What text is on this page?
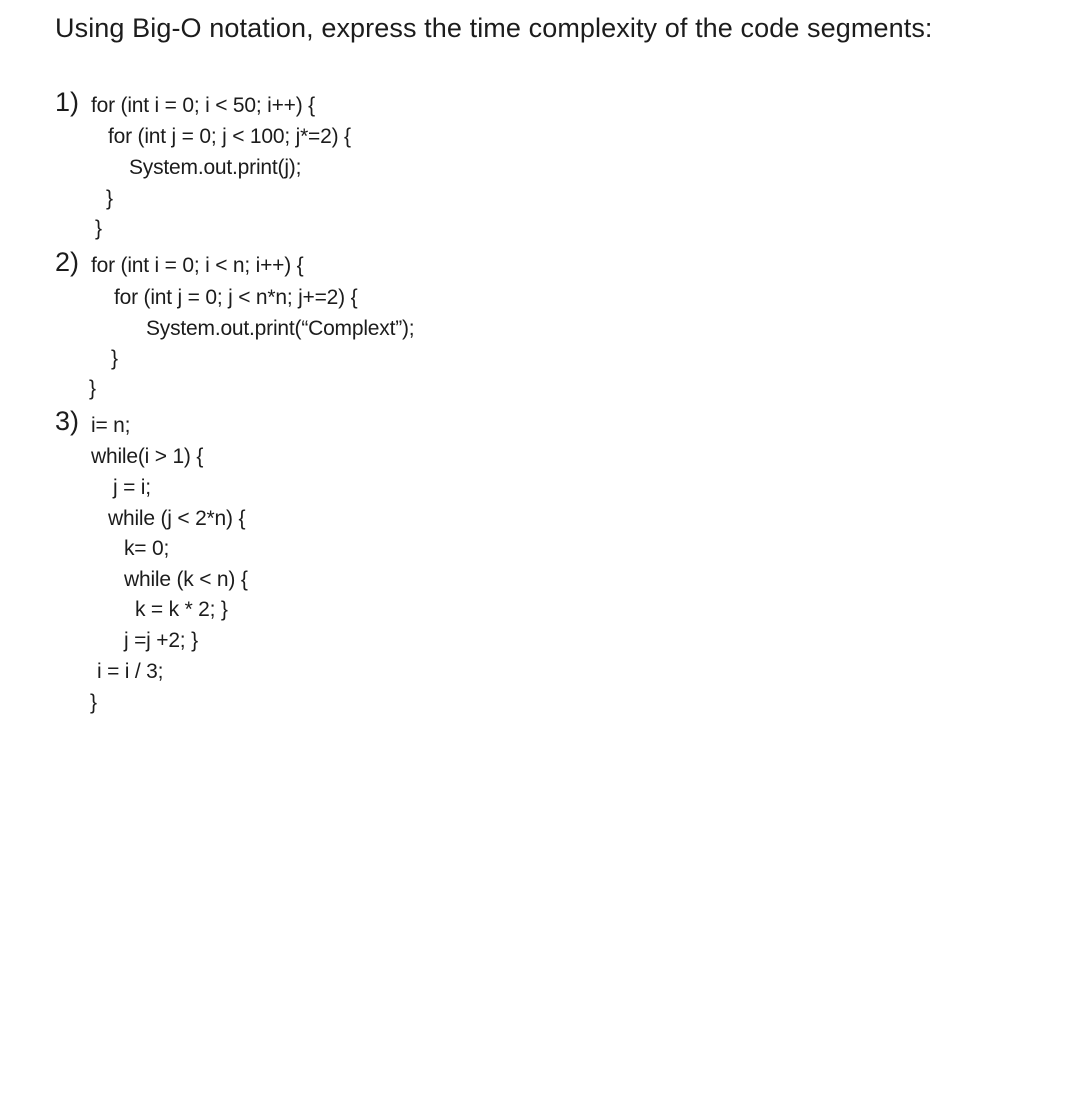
Using Big-O notation, express the time complexity of the code segments:
1) for (int i = 0; i < 50; i++) {
for (int j = 0; j < 100; j*=2) {
System.out.print(j);
}
}
2) for (int i = 0; i < n; i++) {
for (int j = 0; j < n*n; j+=2) {
System.out.print(“Complext”);
}
}
3) i= n;
while(i > 1) {
j = i;
while (j < 2*n) {
k= 0;
while (k < n) {
k = k * 2; }
j =j +2; }
i = i / 3;
}
